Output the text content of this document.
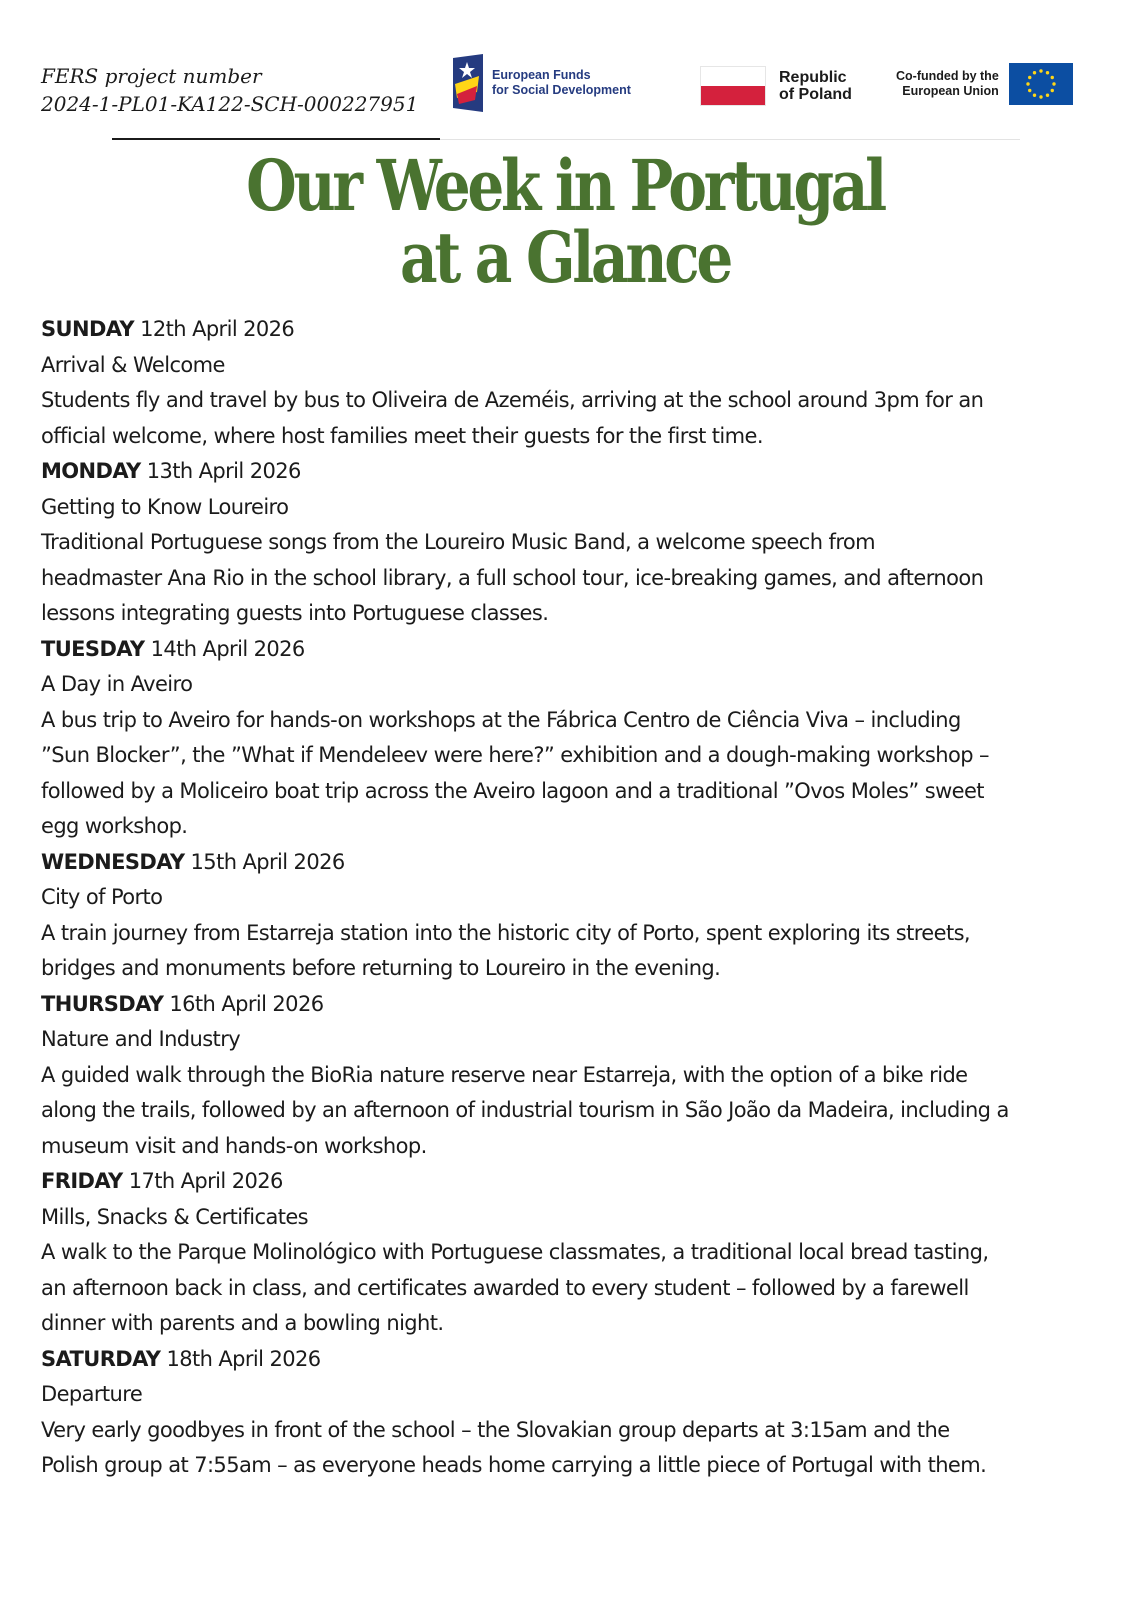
FERS project number
2024-1-PL01-KA122-SCH-000227951
European Funds
for Social Development
Republic
of Poland
Co-funded by the
European Union
Our Week in Portugal
at a Glance
SUNDAY 12th April 2026
Arrival & Welcome
Students fly and travel by bus to Oliveira de Azeméis, arriving at the school around 3pm for an
official welcome, where host families meet their guests for the first time.
MONDAY 13th April 2026
Getting to Know Loureiro
Traditional Portuguese songs from the Loureiro Music Band, a welcome speech from
headmaster Ana Rio in the school library, a full school tour, ice-breaking games, and afternoon
lessons integrating guests into Portuguese classes.
TUESDAY 14th April 2026
A Day in Aveiro
A bus trip to Aveiro for hands-on workshops at the Fábrica Centro de Ciência Viva – including
”Sun Blocker”, the ”What if Mendeleev were here?” exhibition and a dough-making workshop –
followed by a Moliceiro boat trip across the Aveiro lagoon and a traditional ”Ovos Moles” sweet
egg workshop.
WEDNESDAY 15th April 2026
City of Porto
A train journey from Estarreja station into the historic city of Porto, spent exploring its streets,
bridges and monuments before returning to Loureiro in the evening.
THURSDAY 16th April 2026
Nature and Industry
A guided walk through the BioRia nature reserve near Estarreja, with the option of a bike ride
along the trails, followed by an afternoon of industrial tourism in São João da Madeira, including a
museum visit and hands-on workshop.
FRIDAY 17th April 2026
Mills, Snacks & Certificates
A walk to the Parque Molinológico with Portuguese classmates, a traditional local bread tasting,
an afternoon back in class, and certificates awarded to every student – followed by a farewell
dinner with parents and a bowling night.
SATURDAY 18th April 2026
Departure
Very early goodbyes in front of the school – the Slovakian group departs at 3:15am and the
Polish group at 7:55am – as everyone heads home carrying a little piece of Portugal with them.
